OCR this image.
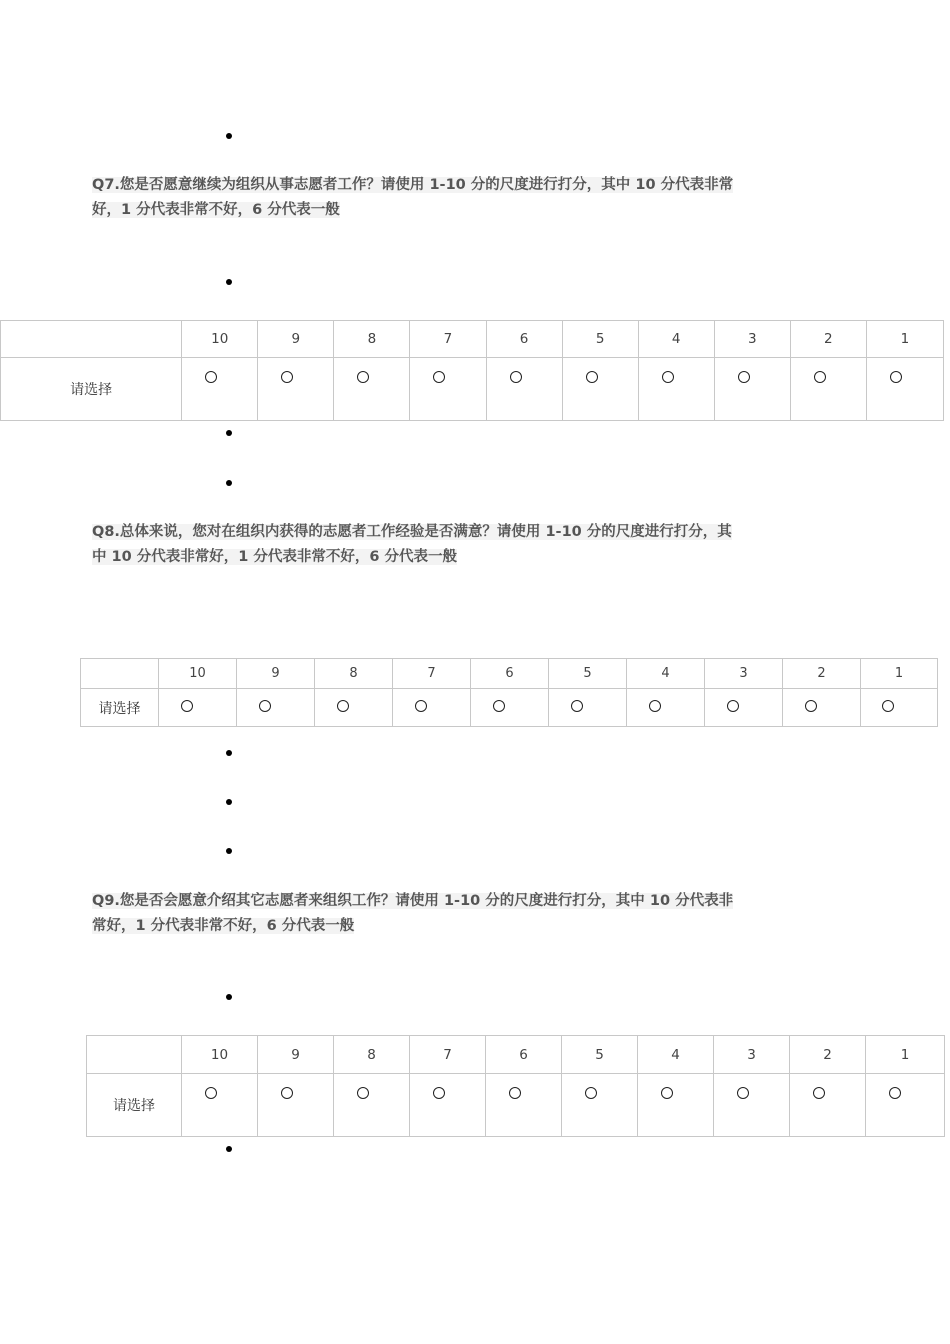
Q7.您是否愿意继续为组织从事志愿者工作？请使用 1-10 分的尺度进行打分，其中 10 分代表非常好，1 分代表非常不好，6 分代表一般

	10	9	8	7	6	5	4	3	2	1
请选择										

Q8.总体来说，您对在组织内获得的志愿者工作经验是否满意？请使用 1-10 分的尺度进行打分，其中 10 分代表非常好，1 分代表非常不好，6 分代表一般

	10	9	8	7	6	5	4	3	2	1
请选择										

Q9.您是否会愿意介绍其它志愿者来组织工作？请使用 1-10 分的尺度进行打分，其中 10 分代表非常好，1 分代表非常不好，6 分代表一般

	10	9	8	7	6	5	4	3	2	1
请选择										
